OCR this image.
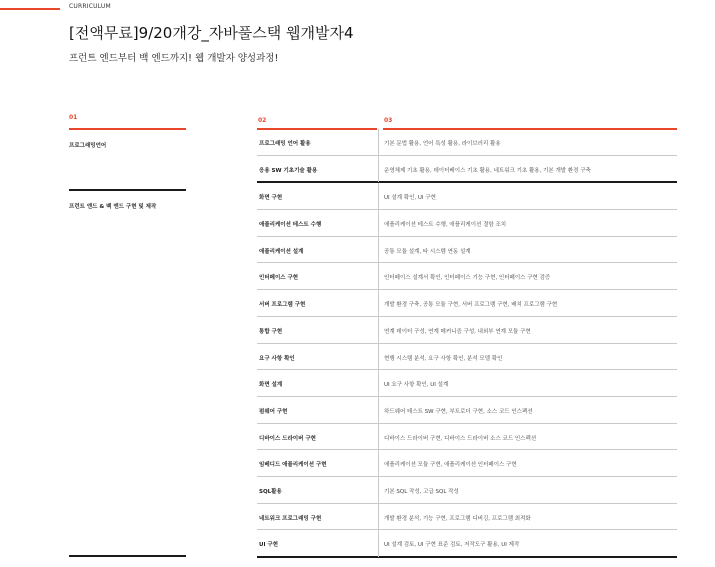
CURRICULUM
[전액무료]9/20개강_자바풀스택 웹개발자4
프런트 엔드부터 백 엔드까지! 웹 개발자 양성과정!
01	02	03
프로그래밍언어
프런트 엔드 & 백 엔드 구현 및 제작
프로그래밍 언어 활용	기본 문법 활용, 언어 특성 활용, 라이브러리 활용
응용 SW 기초기술 활용	운영체제 기초 활용, 데이터베이스 기초 활용, 네트워크 기초 활용, 기본 개발 환경 구축
화면 구현	UI 설계 확인, UI 구현
애플리케이션 테스트 수행	애플리케이션 테스트 수행, 애플리케이션 결함 조치
애플리케이션 설계	공통 모듈 설계, 타 시스템 연동 설계
인터페이스 구현	인터페이스 설계서 확인, 인터페이스 기능 구현, 인터페이스 구현 검증
서버 프로그램 구현	개발 환경 구축, 공통 모듈 구현, 서버 프로그램 구현, 배치 프로그램 구현
통합 구현	연계 데이터 구성, 연계 메커니즘 구성, 내외부 연계 모듈 구현
요구 사항 확인	현행 시스템 분석, 요구 사항 확인, 분석 모델 확인
화면 설계	UI 요구 사항 확인, UI 설계
펌웨어 구현	하드웨어 테스트 SW 구현, 부트로더 구현, 소스 코드 인스펙션
디바이스 드라이버 구현	디바이스 드라이버 구현, 디바이스 드라이버 소스 코드 인스펙션
임베디드 애플리케이션 구현	애플리케이션 모듈 구현, 애플리케이션 인터페이스 구현
SQL활용	기본 SQL 작성, 고급 SQL 작성
네트워크 프로그래밍 구현	개발 환경 분석, 기능 구현, 프로그램 디버깅, 프로그램 최적화
UI 구현	UI 설계 검토, UI 구현 표준 검토, 저작도구 활용, UI 제작
